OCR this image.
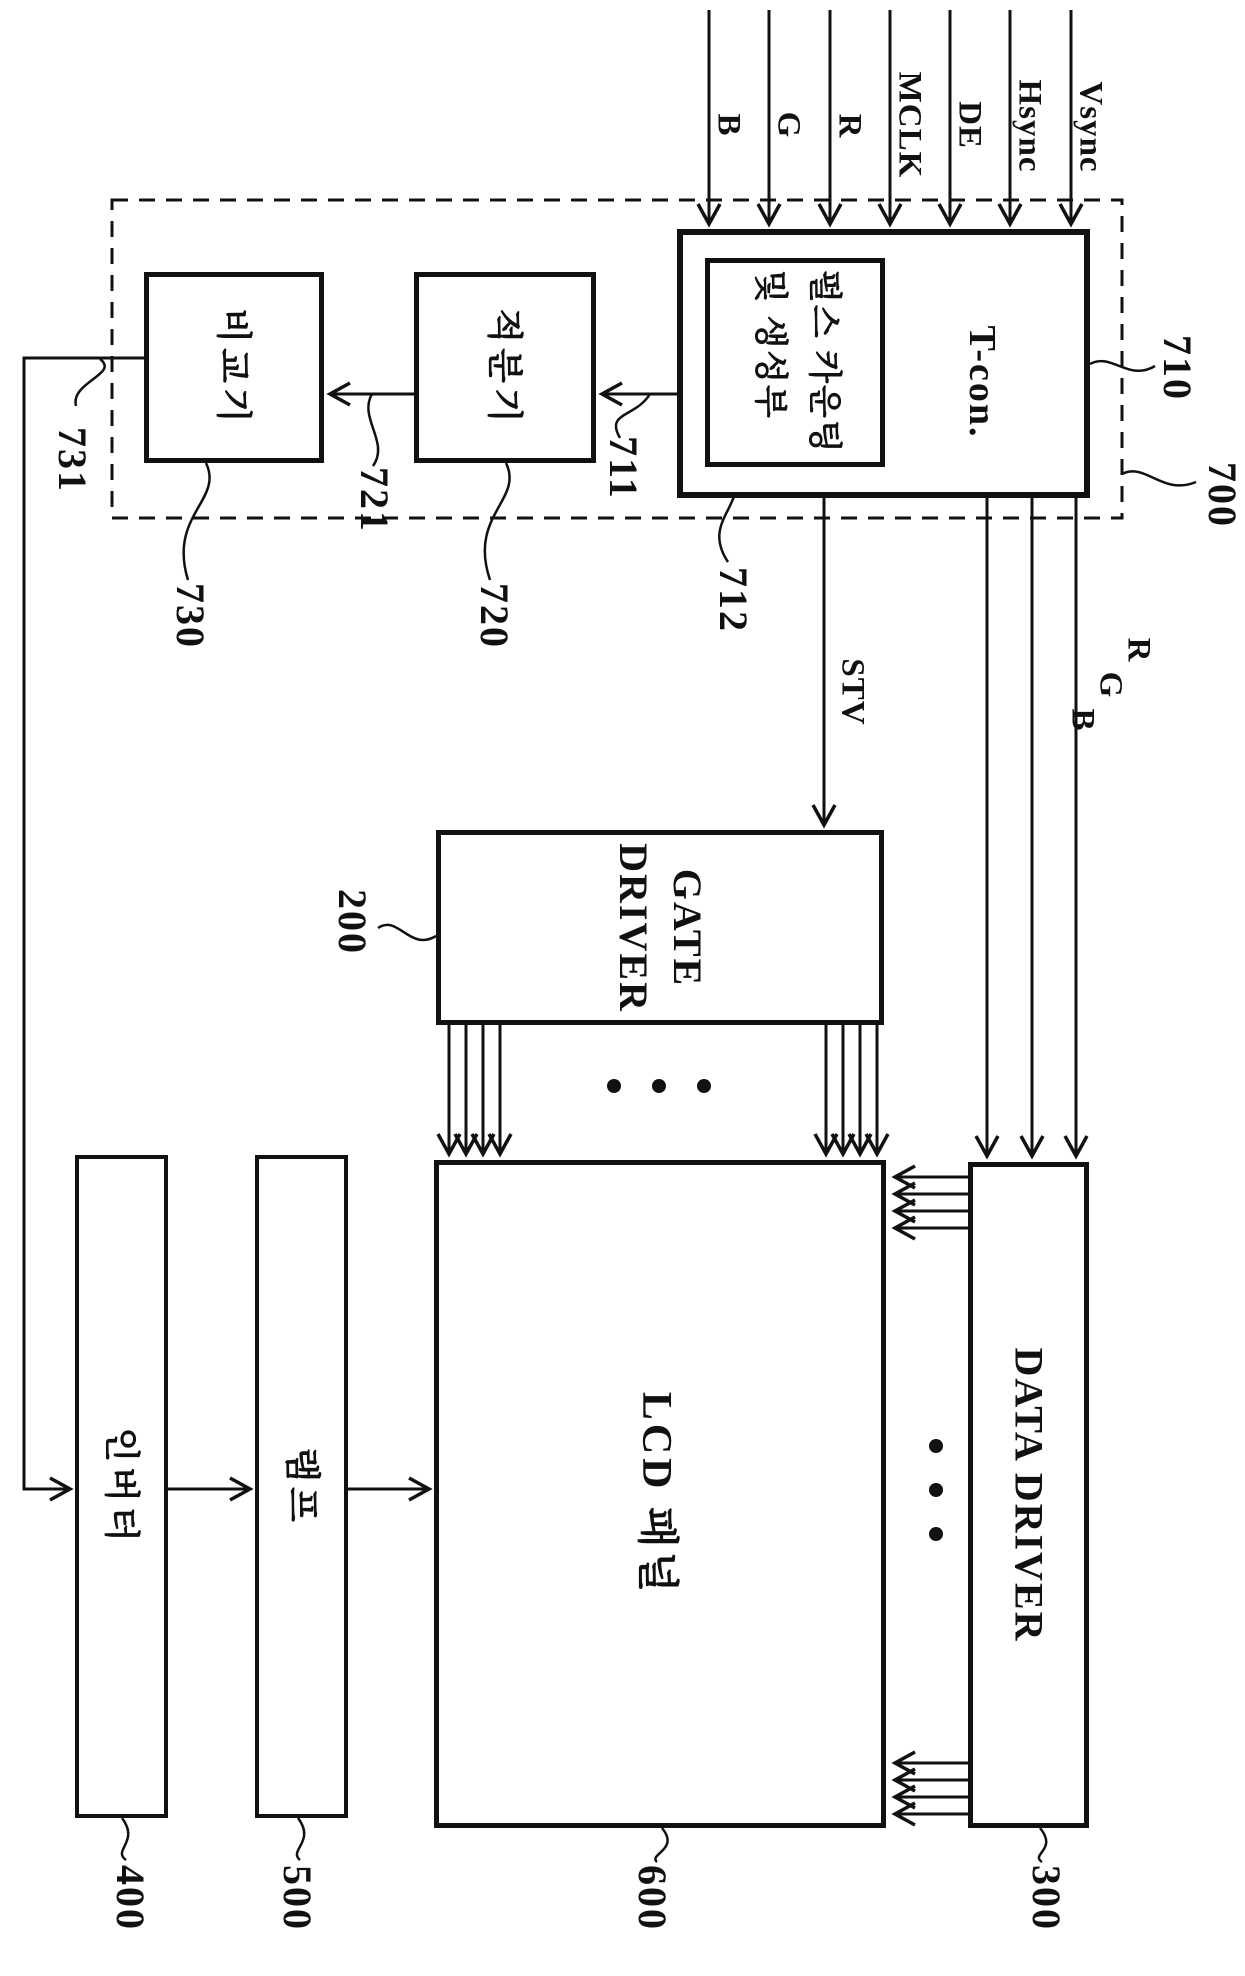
T-con.
펄스 카운팅
및 생성부
적분기
비교기
GATE
DRIVER
LCD 패널	DATA DRIVER
인버터	램프
B G R MCLK DE Hsync Vsync
STV
R
G
B
700
710
711
712
720
721
730
731
200
300
400	500	600
